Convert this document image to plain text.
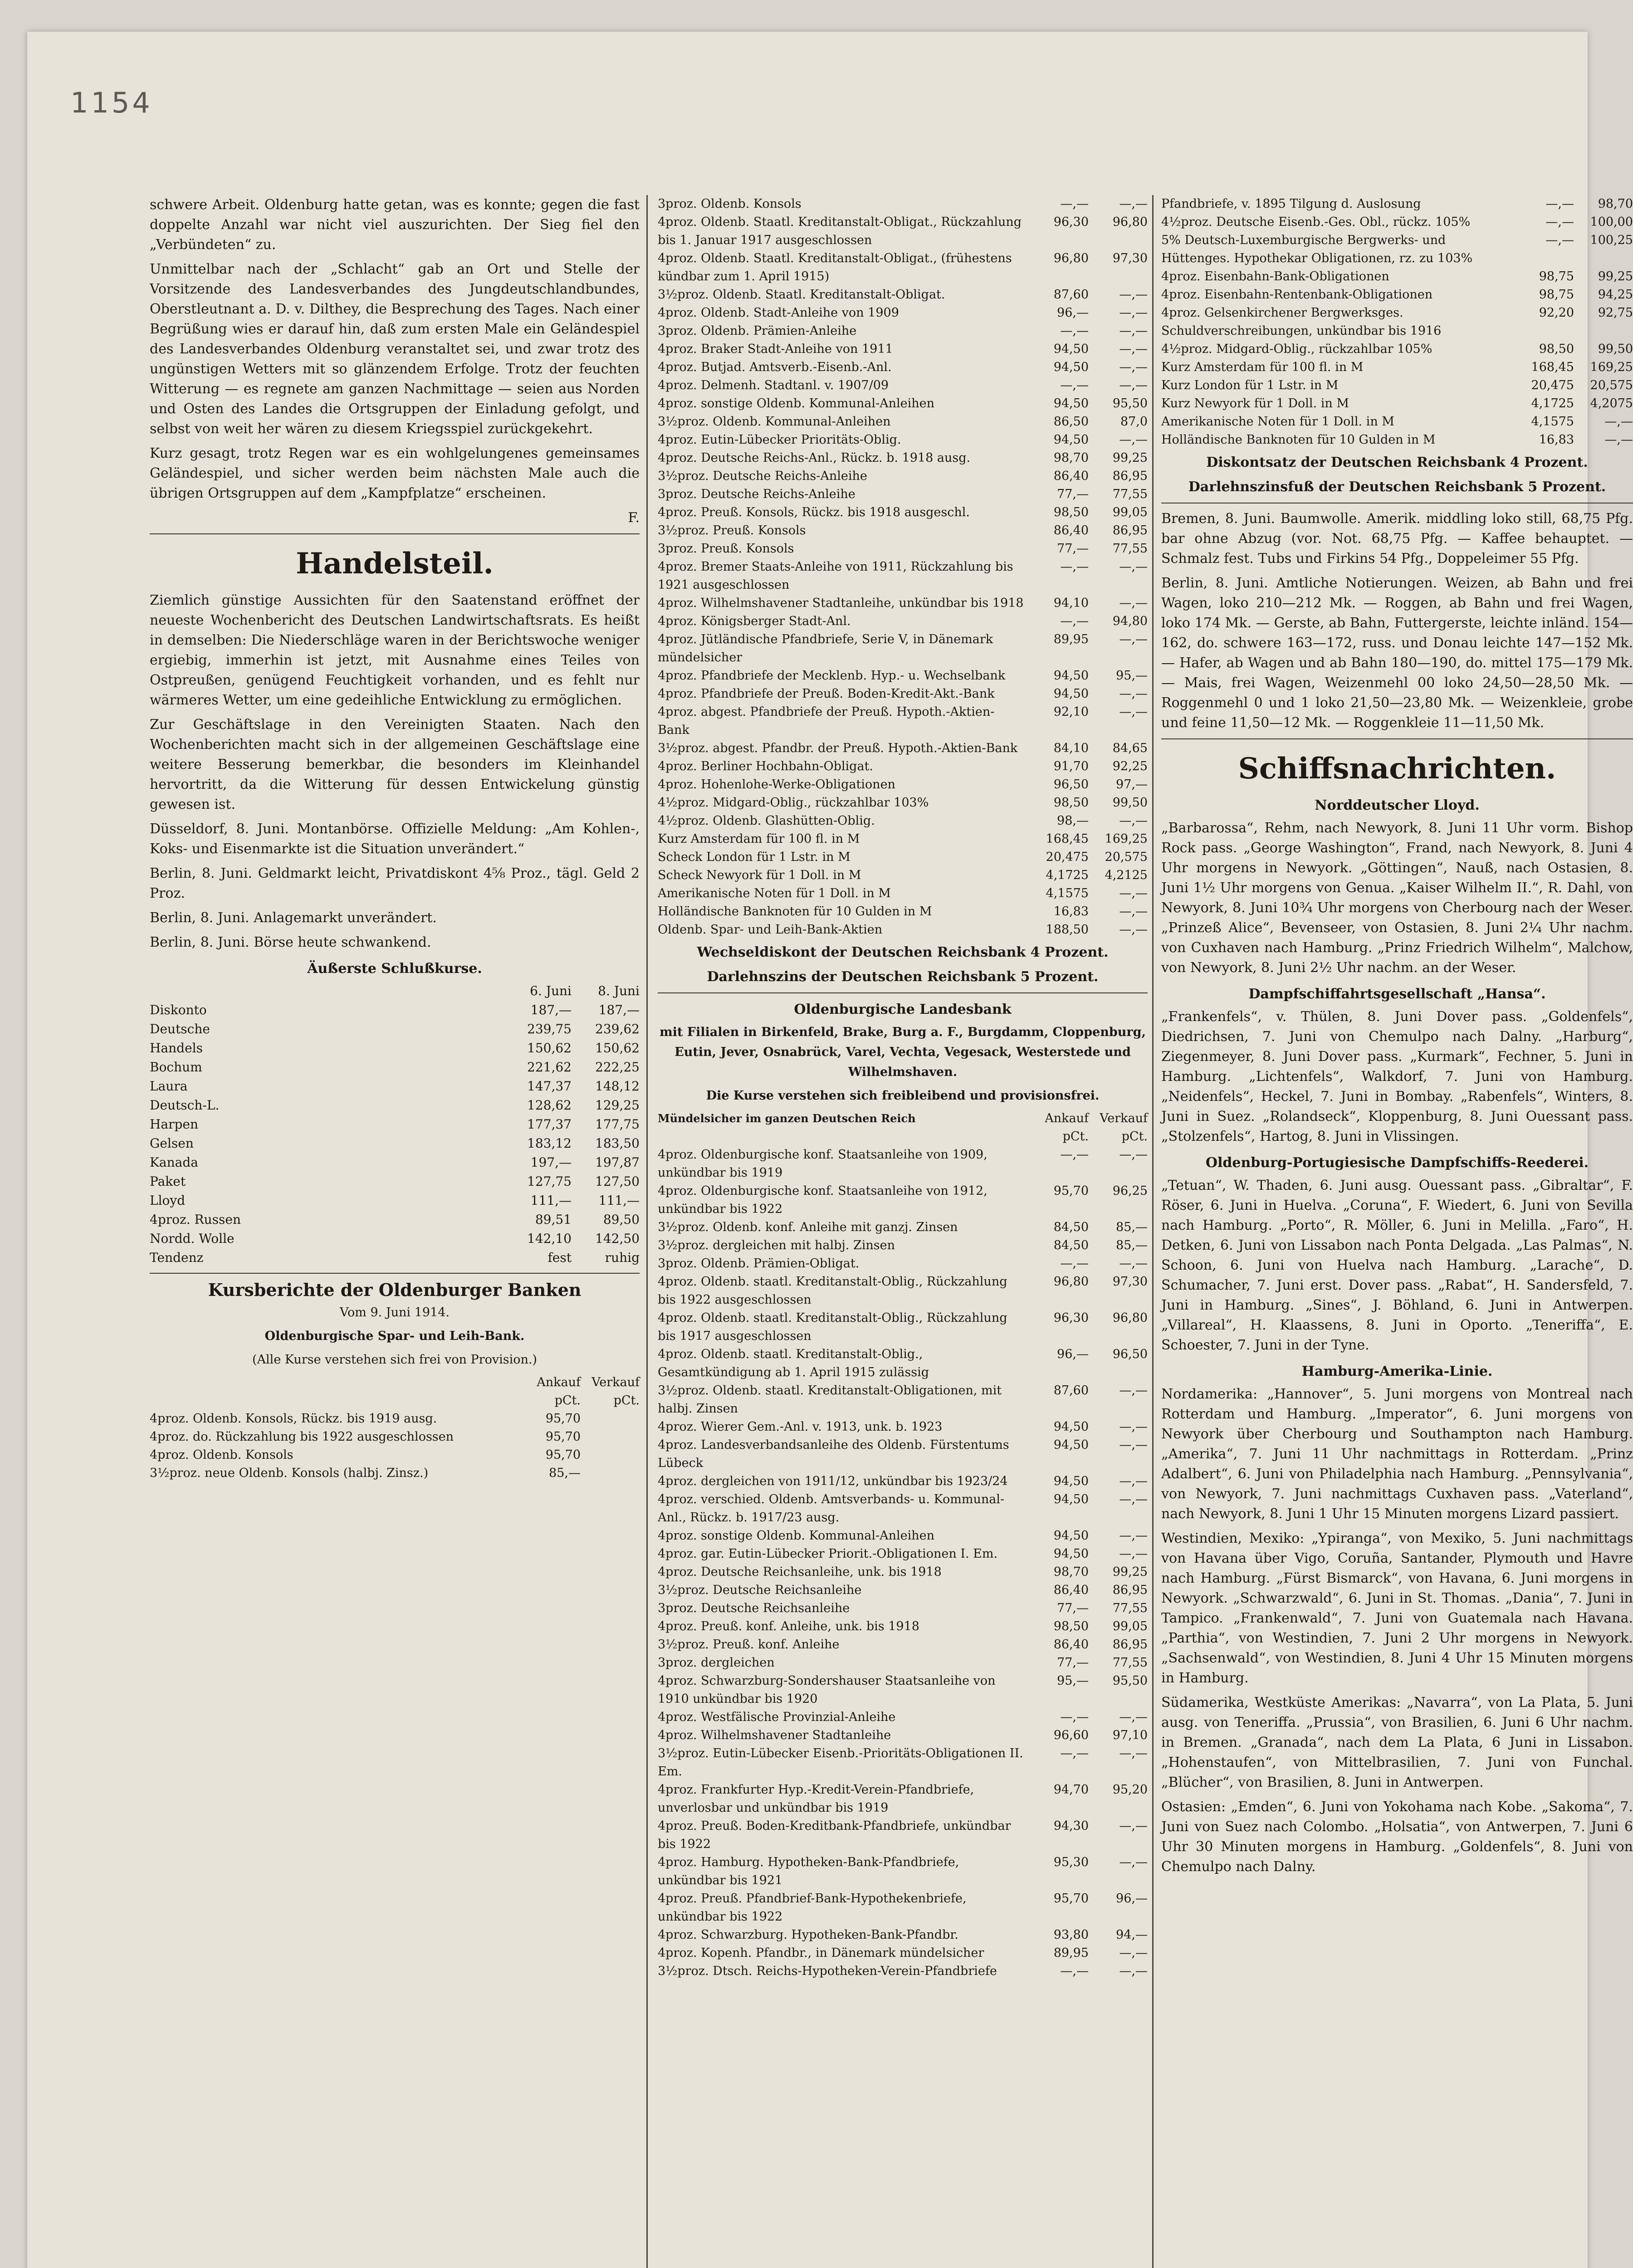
1154

schwere Arbeit. Oldenburg hatte getan, was es konnte; gegen die fast doppelte Anzahl war nicht viel auszurichten. Der Sieg fiel den „Verbündeten“ zu.

Unmittelbar nach der „Schlacht“ gab an Ort und Stelle der Vorsitzende des Landesverbandes des Jungdeutschlandbundes, Oberstleutnant a. D. v. Dilthey, die Besprechung des Tages. Nach einer Begrüßung wies er darauf hin, daß zum ersten Male ein Geländespiel des Landesverbandes Oldenburg veranstaltet sei, und zwar trotz des ungünstigen Wetters mit so glänzendem Erfolge. Trotz der feuchten Witterung — es regnete am ganzen Nachmittage — seien aus Norden und Osten des Landes die Ortsgruppen der Einladung gefolgt, und selbst von weit her wären zu diesem Kriegsspiel zurückgekehrt.

Kurz gesagt, trotz Regen war es ein wohlgelungenes gemeinsames Geländespiel, und sicher werden beim nächsten Male auch die übrigen Ortsgruppen auf dem „Kampfplatze“ erscheinen.

F.

Handelsteil.

Ziemlich günstige Aussichten für den Saatenstand eröffnet der neueste Wochenbericht des Deutschen Landwirtschaftsrats. Es heißt in demselben: Die Niederschläge waren in der Berichtswoche weniger ergiebig, immerhin ist jetzt, mit Ausnahme eines Teiles von Ostpreußen, genügend Feuchtigkeit vorhanden, und es fehlt nur wärmeres Wetter, um eine gedeihliche Entwicklung zu ermöglichen.

Zur Geschäftslage in den Vereinigten Staaten. Nach den Wochenberichten macht sich in der allgemeinen Geschäftslage eine weitere Besserung bemerkbar, die besonders im Kleinhandel hervortritt, da die Witterung für dessen Entwickelung günstig gewesen ist.

Düsseldorf, 8. Juni. Montanbörse. Offizielle Meldung: „Am Kohlen-, Koks- und Eisenmarkte ist die Situation unverändert.“

Berlin, 8. Juni. Geldmarkt leicht, Privatdiskont 4⅝ Proz., tägl. Geld 2 Proz.

Berlin, 8. Juni. Anlagemarkt unverändert.

Berlin, 8. Juni. Börse heute schwankend.

Äußerste Schlußkurse.
6. Juni	8. Juni
Diskonto	187,—	187,—
Deutsche	239,75	239,62
Handels	150,62	150,62
Bochum	221,62	222,25
Laura	147,37	148,12
Deutsch-L.	128,62	129,25
Harpen	177,37	177,75
Gelsen	183,12	183,50
Kanada	197,—	197,87
Paket	127,75	127,50
Lloyd	111,—	111,—
4proz. Russen	89,51	89,50
Nordd. Wolle	142,10	142,50
Tendenz	fest	ruhig
Kursberichte der Oldenburger Banken
Vom 9. Juni 1914.
Oldenburgische Spar- und Leih-Bank.
(Alle Kurse verstehen sich frei von Provision.)
Ankauf pCt.
Verkauf pCt.
4proz. Oldenb. Konsols, Rückz. bis 1919 ausg.	95,70
4proz. do. Rückzahlung bis 1922 ausgeschlossen	95,70
4proz. Oldenb. Konsols	95,70
3½proz. neue Oldenb. Konsols (halbj. Zinsz.)	85,—
3proz. Oldenb. Konsols	—,—	—,—
4proz. Oldenb. Staatl. Kreditanstalt-Obligat., Rückzahlung bis 1. Januar 1917 ausgeschlossen
96,30	96,80
4proz. Oldenb. Staatl. Kreditanstalt-Obligat., (frühestens kündbar zum 1. April 1915)
96,80	97,30
3½proz. Oldenb. Staatl. Kreditanstalt-Obligat.	87,60	—,—
4proz. Oldenb. Stadt-Anleihe von 1909	96,—	—,—
3proz. Oldenb. Prämien-Anleihe	—,—	—,—
4proz. Braker Stadt-Anleihe von 1911	94,50	—,—
4proz. Butjad. Amtsverb.-Eisenb.-Anl.	94,50	—,—
4proz. Delmenh. Stadtanl. v. 1907/09	—,—	—,—
4proz. sonstige Oldenb. Kommunal-Anleihen	94,50	95,50
3½proz. Oldenb. Kommunal-Anleihen	86,50	87,0
4proz. Eutin-Lübecker Prioritäts-Oblig.	94,50	—,—
4proz. Deutsche Reichs-Anl., Rückz. b. 1918 ausg.	98,70	99,25
3½proz. Deutsche Reichs-Anleihe	86,40	86,95
3proz. Deutsche Reichs-Anleihe	77,—	77,55
4proz. Preuß. Konsols, Rückz. bis 1918 ausgeschl.	98,50	99,05
3½proz. Preuß. Konsols	86,40	86,95
3proz. Preuß. Konsols	77,—	77,55
4proz. Bremer Staats-Anleihe von 1911, Rückzahlung bis 1921 ausgeschlossen
—,—	—,—
4proz. Wilhelmshavener Stadtanleihe, unkündbar bis 1918	94,10	—,—
4proz. Königsberger Stadt-Anl.	—,—	94,80
4proz. Jütländische Pfandbriefe, Serie V, in Dänemark mündelsicher
89,95	—,—
4proz. Pfandbriefe der Mecklenb. Hyp.- u. Wechselbank	94,50	95,—
4proz. Pfandbriefe der Preuß. Boden-Kredit-Akt.-Bank	94,50	—,—
4proz. abgest. Pfandbriefe der Preuß. Hypoth.-Aktien-Bank
92,10	—,—
3½proz. abgest. Pfandbr. der Preuß. Hypoth.-Aktien-Bank	84,10	84,65
4proz. Berliner Hochbahn-Obligat.	91,70	92,25
4proz. Hohenlohe-Werke-Obligationen	96,50	97,—
4½proz. Midgard-Oblig., rückzahlbar 103%	98,50	99,50
4½proz. Oldenb. Glashütten-Oblig.	98,—	—,—
Kurz Amsterdam für 100 fl. in M	168,45	169,25
Scheck London für 1 Lstr. in M	20,475	20,575
Scheck Newyork für 1 Doll. in M	4,1725	4,2125
Amerikanische Noten für 1 Doll. in M	4,1575	—,—
Holländische Banknoten für 10 Gulden in M	16,83	—,—
Oldenb. Spar- und Leih-Bank-Aktien	188,50	—,—

Wechseldiskont der Deutschen Reichsbank 4 Prozent.

Darlehnszins der Deutschen Reichsbank 5 Prozent.

Oldenburgische Landesbank
mit Filialen in Birkenfeld, Brake, Burg a. F., Burgdamm, Cloppenburg, Eutin, Jever, Osnabrück, Varel, Vechta, Vegesack, Westerstede und Wilhelmshaven.
Die Kurse verstehen sich freibleibend und provisionsfrei.
Mündelsicher im ganzen Deutschen Reich	Ankauf pCt.
Verkauf pCt.
4proz. Oldenburgische konf. Staatsanleihe von 1909, unkündbar bis 1919
—,—	—,—
4proz. Oldenburgische konf. Staatsanleihe von 1912, unkündbar bis 1922
95,70	96,25
3½proz. Oldenb. konf. Anleihe mit ganzj. Zinsen	84,50	85,—
3½proz. dergleichen mit halbj. Zinsen	84,50	85,—
3proz. Oldenb. Prämien-Obligat.	—,—	—,—
4proz. Oldenb. staatl. Kreditanstalt-Oblig., Rückzahlung bis 1922 ausgeschlossen
96,80	97,30
4proz. Oldenb. staatl. Kreditanstalt-Oblig., Rückzahlung bis 1917 ausgeschlossen
96,30	96,80
4proz. Oldenb. staatl. Kreditanstalt-Oblig., Gesamtkündigung ab 1. April 1915 zulässig
96,—	96,50
3½proz. Oldenb. staatl. Kreditanstalt-Obligationen, mit halbj. Zinsen
87,60	—,—
4proz. Wierer Gem.-Anl. v. 1913, unk. b. 1923	94,50	—,—
4proz. Landesverbandsanleihe des Oldenb. Fürstentums Lübeck
94,50	—,—
4proz. dergleichen von 1911/12, unkündbar bis 1923/24	94,50	—,—
4proz. verschied. Oldenb. Amtsverbands- u. Kommunal-Anl., Rückz. b. 1917/23 ausg.
94,50	—,—
4proz. sonstige Oldenb. Kommunal-Anleihen	94,50	—,—
4proz. gar. Eutin-Lübecker Priorit.-Obligationen I. Em.	94,50	—,—
4proz. Deutsche Reichsanleihe, unk. bis 1918	98,70	99,25
3½proz. Deutsche Reichsanleihe	86,40	86,95
3proz. Deutsche Reichsanleihe	77,—	77,55
4proz. Preuß. konf. Anleihe, unk. bis 1918	98,50	99,05
3½proz. Preuß. konf. Anleihe	86,40	86,95
3proz. dergleichen	77,—	77,55
4proz. Schwarzburg-Sondershauser Staatsanleihe von 1910 unkündbar bis 1920
95,—	95,50
4proz. Westfälische Provinzial-Anleihe	—,—	—,—
4proz. Wilhelmshavener Stadtanleihe	96,60	97,10
3½proz. Eutin-Lübecker Eisenb.-Prioritäts-Obligationen II. Em.
—,—	—,—
4proz. Frankfurter Hyp.-Kredit-Verein-Pfandbriefe, unverlosbar und unkündbar bis 1919
94,70	95,20
4proz. Preuß. Boden-Kreditbank-Pfandbriefe, unkündbar bis 1922
94,30	—,—
4proz. Hamburg. Hypotheken-Bank-Pfandbriefe, unkündbar bis 1921
95,30	—,—
4proz. Preuß. Pfandbrief-Bank-Hypothekenbriefe, unkündbar bis 1922
95,70	96,—
4proz. Schwarzburg. Hypotheken-Bank-Pfandbr.	93,80	94,—
4proz. Kopenh. Pfandbr., in Dänemark mündelsicher	89,95	—,—
3½proz. Dtsch. Reichs-Hypotheken-Verein-Pfandbriefe	—,—	—,—
Pfandbriefe, v. 1895 Tilgung d. Auslosung	—,—	98,70
4½proz. Deutsche Eisenb.-Ges. Obl., rückz. 105%	—,—	100,00
5% Deutsch-Luxemburgische Bergwerks- und Hüttenges. Hypothekar Obligationen, rz. zu 103%
—,—	100,25
4proz. Eisenbahn-Bank-Obligationen	98,75	99,25
4proz. Eisenbahn-Rentenbank-Obligationen	98,75	94,25
4proz. Gelsenkirchener Bergwerksges. Schuldverschreibungen, unkündbar bis 1916
92,20	92,75
4½proz. Midgard-Oblig., rückzahlbar 105%	98,50	99,50
Kurz Amsterdam für 100 fl. in M	168,45	169,25
Kurz London für 1 Lstr. in M	20,475	20,575
Kurz Newyork für 1 Doll. in M	4,1725	4,2075
Amerikanische Noten für 1 Doll. in M	4,1575	—,—
Holländische Banknoten für 10 Gulden in M	16,83	—,—

Diskontsatz der Deutschen Reichsbank 4 Prozent.

Darlehnszinsfuß der Deutschen Reichsbank 5 Prozent.

Bremen, 8. Juni. Baumwolle. Amerik. middling loko still, 68,75 Pfg. bar ohne Abzug (vor. Not. 68,75 Pfg. — Kaffee behauptet. — Schmalz fest. Tubs und Firkins 54 Pfg., Doppeleimer 55 Pfg.

Berlin, 8. Juni. Amtliche Notierungen. Weizen, ab Bahn und frei Wagen, loko 210—212 Mk. — Roggen, ab Bahn und frei Wagen, loko 174 Mk. — Gerste, ab Bahn, Futtergerste, leichte inländ. 154—162, do. schwere 163—172, russ. und Donau leichte 147—152 Mk. — Hafer, ab Wagen und ab Bahn 180—190, do. mittel 175—179 Mk. — Mais, frei Wagen, Weizenmehl 00 loko 24,50—28,50 Mk. — Roggenmehl 0 und 1 loko 21,50—23,80 Mk. — Weizenkleie, grobe und feine 11,50—12 Mk. — Roggenkleie 11—11,50 Mk.

Schiffsnachrichten.
Norddeutscher Lloyd.

„Barbarossa“, Rehm, nach Newyork, 8. Juni 11 Uhr vorm. Bishop Rock pass. „George Washington“, Frand, nach Newyork, 8. Juni 4 Uhr morgens in Newyork. „Göttingen“, Nauß, nach Ostasien, 8. Juni 1½ Uhr morgens von Genua. „Kaiser Wilhelm II.“, R. Dahl, von Newyork, 8. Juni 10¾ Uhr morgens von Cherbourg nach der Weser. „Prinzeß Alice“, Bevenseer, von Ostasien, 8. Juni 2¼ Uhr nachm. von Cuxhaven nach Hamburg. „Prinz Friedrich Wilhelm“, Malchow, von Newyork, 8. Juni 2½ Uhr nachm. an der Weser.

Dampfschiffahrtsgesellschaft „Hansa“.

„Frankenfels“, v. Thülen, 8. Juni Dover pass. „Goldenfels“, Diedrichsen, 7. Juni von Chemulpo nach Dalny. „Harburg“, Ziegenmeyer, 8. Juni Dover pass. „Kurmark“, Fechner, 5. Juni in Hamburg. „Lichtenfels“, Walkdorf, 7. Juni von Hamburg. „Neidenfels“, Heckel, 7. Juni in Bombay. „Rabenfels“, Winters, 8. Juni in Suez. „Rolandseck“, Kloppenburg, 8. Juni Ouessant pass. „Stolzenfels“, Hartog, 8. Juni in Vlissingen.

Oldenburg-Portugiesische Dampfschiffs-Reederei.

„Tetuan“, W. Thaden, 6. Juni ausg. Ouessant pass. „Gibraltar“, F. Röser, 6. Juni in Huelva. „Coruna“, F. Wiedert, 6. Juni von Sevilla nach Hamburg. „Porto“, R. Möller, 6. Juni in Melilla. „Faro“, H. Detken, 6. Juni von Lissabon nach Ponta Delgada. „Las Palmas“, N. Schoon, 6. Juni von Huelva nach Hamburg. „Larache“, D. Schumacher, 7. Juni erst. Dover pass. „Rabat“, H. Sandersfeld, 7. Juni in Hamburg. „Sines“, J. Böhland, 6. Juni in Antwerpen. „Villareal“, H. Klaassens, 8. Juni in Oporto. „Teneriffa“, E. Schoester, 7. Juni in der Tyne.

Hamburg-Amerika-Linie.

Nordamerika: „Hannover“, 5. Juni morgens von Montreal nach Rotterdam und Hamburg. „Imperator“, 6. Juni morgens von Newyork über Cherbourg und Southampton nach Hamburg. „Amerika“, 7. Juni 11 Uhr nachmittags in Rotterdam. „Prinz Adalbert“, 6. Juni von Philadelphia nach Hamburg. „Pennsylvania“, von Newyork, 7. Juni nachmittags Cuxhaven pass. „Vaterland“, nach Newyork, 8. Juni 1 Uhr 15 Minuten morgens Lizard passiert.

Westindien, Mexiko: „Ypiranga“, von Mexiko, 5. Juni nachmittags von Havana über Vigo, Coruña, Santander, Plymouth und Havre nach Hamburg. „Fürst Bismarck“, von Havana, 6. Juni morgens in Newyork. „Schwarzwald“, 6. Juni in St. Thomas. „Dania“, 7. Juni in Tampico. „Frankenwald“, 7. Juni von Guatemala nach Havana. „Parthia“, von Westindien, 7. Juni 2 Uhr morgens in Newyork. „Sachsenwald“, von Westindien, 8. Juni 4 Uhr 15 Minuten morgens in Hamburg.

Südamerika, Westküste Amerikas: „Navarra“, von La Plata, 5. Juni ausg. von Teneriffa. „Prussia“, von Brasilien, 6. Juni 6 Uhr nachm. in Bremen. „Granada“, nach dem La Plata, 6 Juni in Lissabon. „Hohenstaufen“, von Mittelbrasilien, 7. Juni von Funchal. „Blücher“, von Brasilien, 8. Juni in Antwerpen.

Ostasien: „Emden“, 6. Juni von Yokohama nach Kobe. „Sakoma“, 7. Juni von Suez nach Colombo. „Holsatia“, von Antwerpen, 7. Juni 6 Uhr 30 Minuten morgens in Hamburg. „Goldenfels“, 8. Juni von Chemulpo nach Dalny.
